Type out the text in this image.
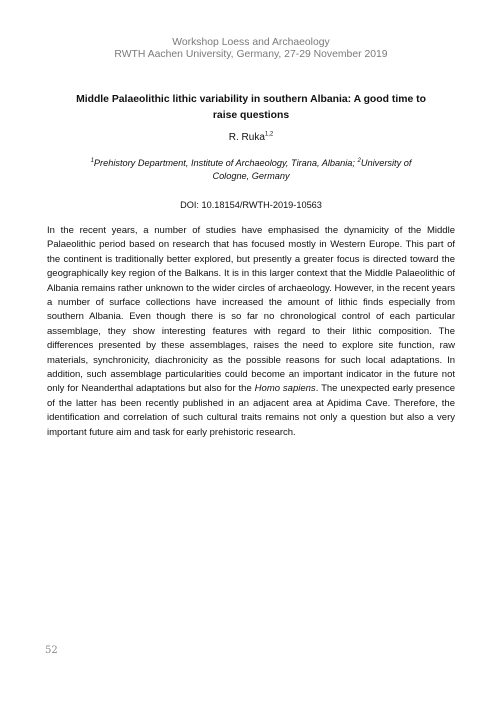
Workshop Loess and Archaeology
RWTH Aachen University, Germany, 27-29 November 2019
Middle Palaeolithic lithic variability in southern Albania: A good time to raise questions
R. Ruka$^{1,2}$
$^1$Prehistory Department, Institute of Archaeology, Tirana, Albania; $^2$University of Cologne, Germany
DOI: 10.18154/RWTH-2019-10563

In the recent years, a number of studies have emphasised the dynamicity of the Middle Palaeolithic period based on research that has focused mostly in Western Europe. This part of the continent is traditionally better explored, but presently a greater focus is directed toward the geographically key region of the Balkans. It is in this larger context that the Middle Palaeolithic of Albania remains rather unknown to the wider circles of archaeology. However, in the recent years a number of surface collections have increased the amount of lithic finds especially from southern Albania. Even though there is so far no chronological control of each particular assemblage, they show interesting features with regard to their lithic composition. The differences presented by these assemblages, raises the need to explore site function, raw materials, synchronicity, diachronicity as the possible reasons for such local adaptations. In addition, such assemblage particularities could become an important indicator in the future not only for Neanderthal adaptations but also for the Homo sapiens. The unexpected early presence of the latter has been recently published in an adjacent area at Apidima Cave. Therefore, the identification and correlation of such cultural traits remains not only a question but also a very important future aim and task for early prehistoric research.

52
